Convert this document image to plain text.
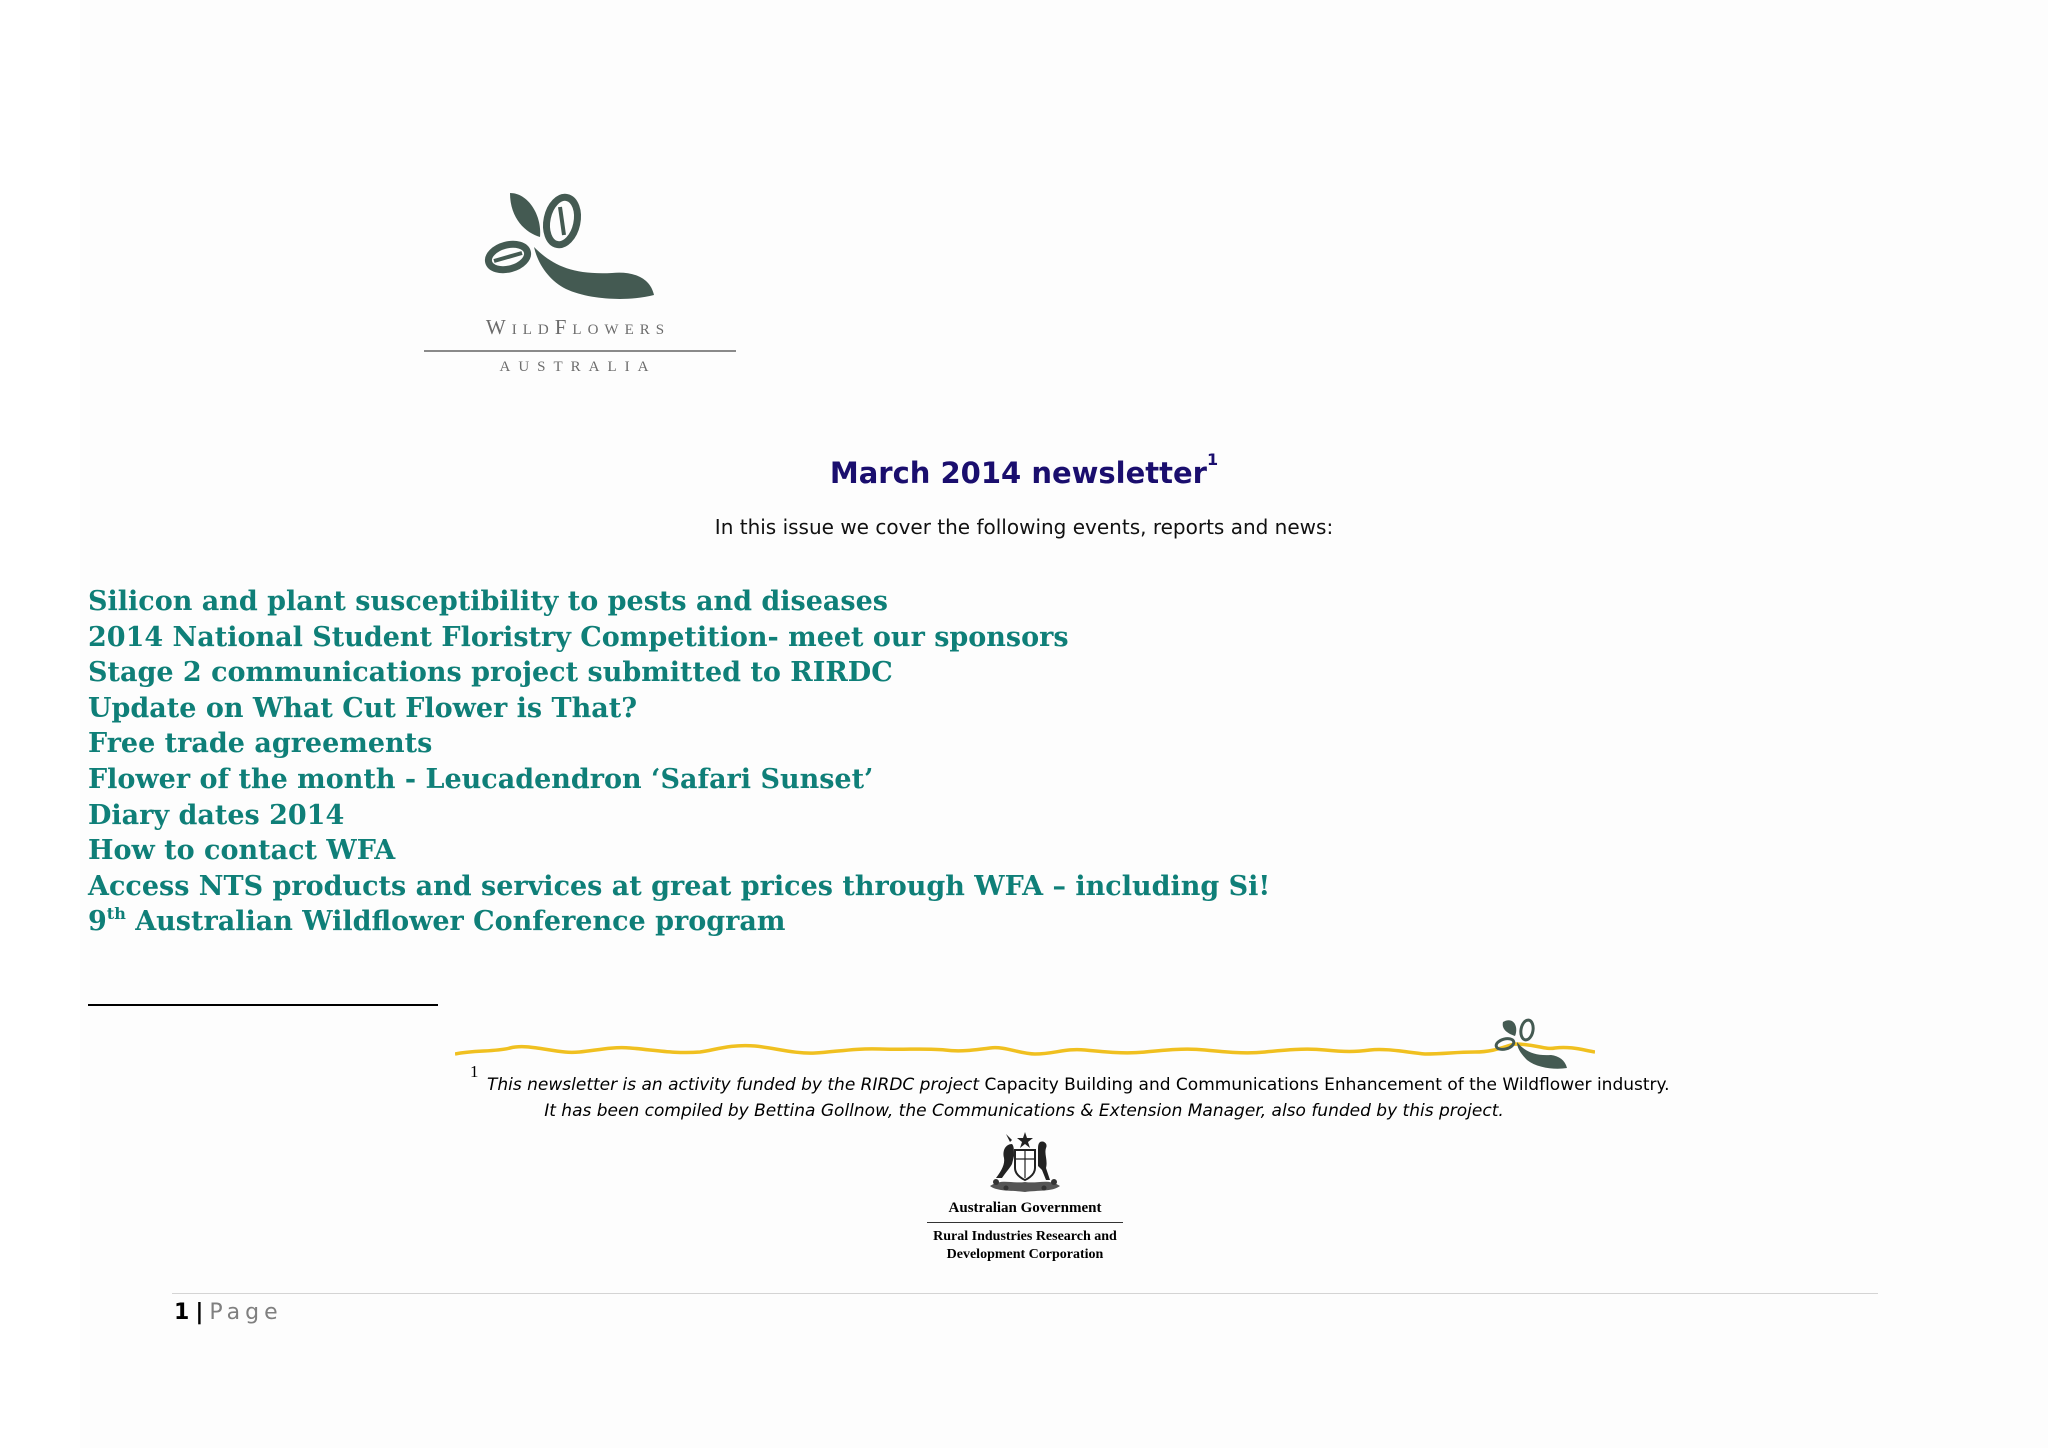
WILDFLOWERS
AUSTRALIA
March 2014 newsletter$^1$
In this issue we cover the following events, reports and news:
Silicon and plant susceptibility to pests and diseases
2014 National Student Floristry Competition- meet our sponsors
Stage 2 communications project submitted to RIRDC
Update on What Cut Flower is That?
Free trade agreements
Flower of the month - Leucadendron ‘Safari Sunset’
Diary dates 2014
How to contact WFA
Access NTS products and services at great prices through WFA – including Si!
9th Australian Wildflower Conference program
1
This newsletter is an activity funded by the RIRDC project Capacity Building and Communications Enhancement of the Wildflower industry.
It has been compiled by Bettina Gollnow, the Communications & Extension Manager, also funded by this project.
Australian Government
Rural Industries Research and
Development Corporation
1 | Page
